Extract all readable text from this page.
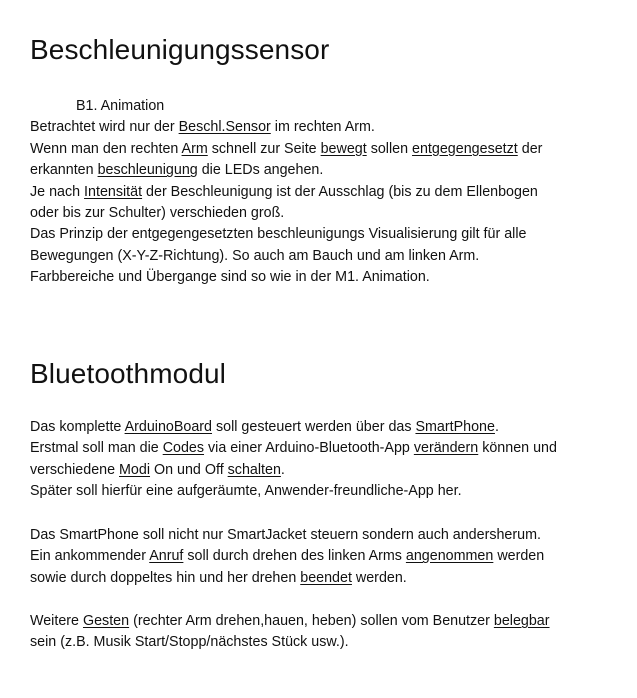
Beschleunigungssensor
B1. Animation
Betrachtet wird nur der Beschl.Sensor im rechten Arm.
Wenn man den rechten Arm schnell zur Seite bewegt sollen entgegengesetzt der
erkannten beschleunigung die LEDs angehen.
Je nach Intensität der Beschleunigung ist der Ausschlag (bis zu dem Ellenbogen
oder bis zur Schulter) verschieden groß.
Das Prinzip der entgegengesetzten beschleunigungs Visualisierung gilt für alle
Bewegungen (X-Y-Z-Richtung). So auch am Bauch und am linken Arm.
Farbbereiche und Übergange sind so wie in der M1. Animation.
Bluetoothmodul
Das komplette ArduinoBoard soll gesteuert werden über das SmartPhone.
Erstmal soll man die Codes via einer Arduino-Bluetooth-App verändern können und
verschiedene Modi On und Off schalten.
Später soll hierfür eine aufgeräumte, Anwender-freundliche-App her.
Das SmartPhone soll nicht nur SmartJacket steuern sondern auch andersherum.
Ein ankommender Anruf soll durch drehen des linken Arms angenommen werden
sowie durch doppeltes hin und her drehen beendet werden.
Weitere Gesten (rechter Arm drehen,hauen, heben) sollen vom Benutzer belegbar
sein (z.B. Musik Start/Stopp/nächstes Stück usw.).
